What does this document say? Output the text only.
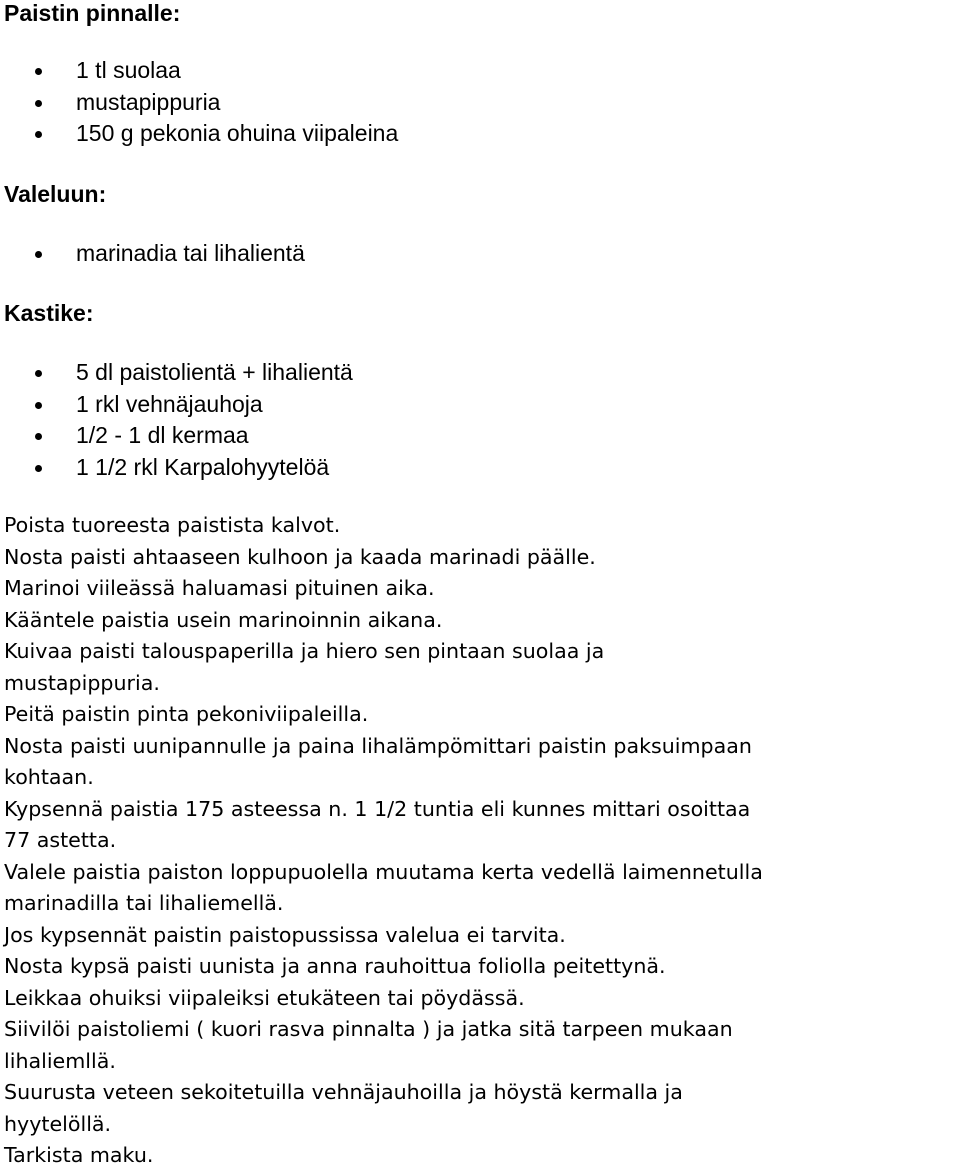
Paistin pinnalle:
1 tl suolaa
mustapippuria
150 g pekonia ohuina viipaleina
Valeluun:
marinadia tai lihalientä
Kastike:
5 dl paistolientä + lihalientä
1 rkl vehnäjauhoja
1/2 - 1 dl kermaa
1 1/2 rkl Karpalohyytelöä
Poista tuoreesta paistista kalvot.
Nosta paisti ahtaaseen kulhoon ja kaada marinadi päälle.
Marinoi viileässä haluamasi pituinen aika.
Kääntele paistia usein marinoinnin aikana.
Kuivaa paisti talouspaperilla ja hiero sen pintaan suolaa ja
mustapippuria.
Peitä paistin pinta pekoniviipaleilla.
Nosta paisti uunipannulle ja paina lihalämpömittari paistin paksuimpaan
kohtaan.
Kypsennä paistia 175 asteessa n. 1 1/2 tuntia eli kunnes mittari osoittaa
77 astetta.
Valele paistia paiston loppupuolella muutama kerta vedellä laimennetulla
marinadilla tai lihaliemellä.
Jos kypsennät paistin paistopussissa valelua ei tarvita.
Nosta kypsä paisti uunista ja anna rauhoittua foliolla peitettynä.
Leikkaa ohuiksi viipaleiksi etukäteen tai pöydässä.
Siivilöi paistoliemi ( kuori rasva pinnalta ) ja jatka sitä tarpeen mukaan
lihaliemllä.
Suurusta veteen sekoitetuilla vehnäjauhoilla ja höystä kermalla ja
hyytelöllä.
Tarkista maku.
